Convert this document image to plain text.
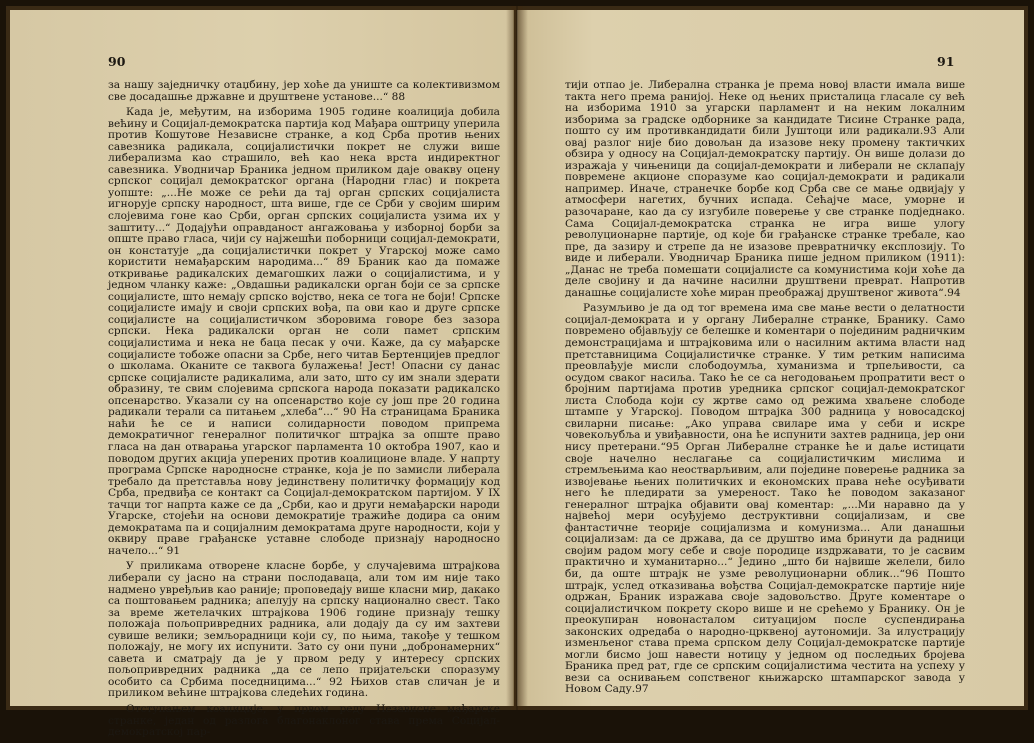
90

за нашу заједничку отаџбину, јер хоће да униште са колективизмом све досадашње државне и друштвене установе...“ 88

Када је, међутим, на изборима 1905 године коалиција добила већину и Социјал-демократска партија код Мађара оштрицу уперила против Кошутове Независне странке, а код Срба против њених савезника радикала, социјалистички покрет не служи више либерализма као страшило, већ као нека врста индиректног савезника. Уводничар Браника једном приликом даје овакву оцену српског социјал демократског органа (Народни глас) и покрета уопште: „...Не може се рећи да тај орган српских социјалиста игнорује српску народност, шта више, где се Срби у својим ширим слојевима гоне као Срби, орган српских социјалиста узима их у заштиту...“ Додајући оправданост ангажовања у изборној борби за опште право гласа, чији су најжешћи поборници социјал-демократи, он констатује „да социјалистички покрет у Угарској може само користити немађарским народима...“ 89 Браник као да помаже откривање радикалских демагошких лажи о социјалистима, и у једном чланку каже: „Овдашњи радикалски орган боји се за српске социјалисте, што немају српско војство, нека се тога не боји! Српске социјалисте имају и своји српских вођа, па ови као и друге српске социјалисте на социјалистичком зборовима говоре без зазора српски. Нека радикалски орган не соли памет српским социјалистима и нека не баца песак у очи. Каже, да су мађарске социјалисте тобоже опасни за Србе, него читав Бертенцијев предлог о школама. Оканите се таквога булажења! Јест! Опасни су данас српске социјалисте радикалима, али зато, што су им знали здерати образину, те свим слојевима српскога народа показати радикалско опсенарство. Указали су на опсенарство које су још пре 20 година радикали терали са питањем „хлеба“...“ 90 На страницама Браника наћи ће се и написи солидарности поводом припрема демократичног генералног политичког штрајка за опште право гласа на дан отварања угарског парламента 10 октобра 1907, као и поводом других акција уперених против коалиционе владе. У напрту програма Српске народносне странке, која је по замисли либерала требало да претставља нову јединствену политичку формацију код Срба, предвиђа се контакт са Социјал-демократском партијом. У IX тачци тог напрта каже се да „Срби, као и други немађарски народи Угарске, стојећи на основи демократије тражиће додира са оним демократама па и социјалним демократама друге народности, који у оквиру праве грађанске уставне слободе признају народносно начело...“ 91

У приликама отворене класне борбе, у случајевима штрајкова либерали су јасно на страни послодаваца, али том им није тако надмено увређљив као раније; проповедају више класни мир, дакако са поштовањем радника; апелују на српску национално свест. Тако за време жетелачких штрајкова 1906 године признају тешку положаја пољопривредних радника, али додају да су им захтеви сувише велики; земљорадници који су, по њима, такође у тешком положају, не могу их испунити. Зато су они пуни „добронамерних“ савета и сматрају да је у првом реду у интересу српских пољопривредних радника „да се лепо пријатељски споразуму особито са Србима поседницима...“ 92 Њихов став сличан је и приликом већине штрајкова следећих година.

Отступањем коалиције, у првом реду Независне мађарске странке, један од разлога благонаклоног става према Социјал-демократској пар-

91

тији отпао је. Либерална странка је према новој власти имала више такта него према ранијој. Неке од њених присталица гласале су већ на изборима 1910 за угарски парламент и на неким локалним изборима за градске одборнике за кандидате Тисине Странке рада, пошто су им противкандидати били Јуштоци или радикали.93 Али овај разлог није био довољан да изазове неку промену тактичких обзира у односу на Социјал-демократску партију. Он више долази до изражаја у чињеници да социјал-демократи и либерали не склапају повремене акционе споразуме као социјал-демократи и радикали например. Иначе, странечке борбе код Срба све се мање одвијају у атмосфери нагетих, бучних испада. Сећајче масе, уморне и разочаране, као да су изгубиле поверење у све странке подједнако. Сама Социјал-демократска странка не игра више улогу револуционарне партије, од које би грађанске странке требале, као пре, да зазиру и стрепе да не изазове превратничку експлозију. То виде и либерали. Уводничар Браника пише једном приликом (1911): „Данас не треба помешати социјалисте са комунистима који хоће да деле својину и да начине насилни друштвени преврат. Напротив данашње социјалисте хоће миран преображај друштвеног живота“.94

Разумљиво је да од тог времена има све мање вести о делатности социјал-демократа и у органу Либералне странке, Бранику. Само повремено објављују се белешке и коментари о појединим радничким демонстрацијама и штрајковима или о насилним актима власти над претставницима Социјалистичке странке. У тим ретким написима преовлађује мисли слободоумља, хуманизма и трпељивости, са осудом сваког насиља. Тако ће се са негодовањем пропратити вест о бројним партијама против уредника српског социјал-демократског листа Слобода који су жртве само од режима хваљене слободе штампе у Угарској. Поводом штрајка 300 радница у новосадској свиларни писање: „Ако управа свиларе има у себи и искре човекољубља и увиђавности, она ће испунити захтев радница, јер они нису претерани.“95 Орган Либералне странке ће и даље истицати своје начелно неслагање са социјалистичким мислима и стремљењима као неостварљивим, али појединe поверење радника за извојевање њених политичких и економских права неће осуђивати него ће пледирати за умереност. Тако ће поводом заказаног генералног штрајка објавити овај коментар: „...Ми наравно да у највећој мери осуђујемо деструктивни социјализам, и све фантастичне теорије социјализма и комунизма... Али данашњи социјализам: да се држава, да се друштво има бринути да радници својим радом могу себе и своје породице издржавати, то је сасвим практично и хуманитарно...“ Једино „што би највише желели, било би, да оште штрајк не узме револуционарни облик...“96 Пошто штрајк, услед отказивања вођства Социјал-демократске партије није одржан, Браник изражава своје задовољство. Друге коментаре о социјалистичком покрету скоро више и не срећемо у Бранику. Он је преокупиран новонасталом ситуацијом после суспендирања законских одредаба о народно-црквеној аутономији. За илустрацију изменљеног става према српском делу Социјал-демократске партије могли бисмо још навести нотицу у једном од последњих бројева Браника пред рат, где се српским социјалистима честита на успеху у вези са оснивањем сопственог књижарско штампарског завода у Новом Саду.97
